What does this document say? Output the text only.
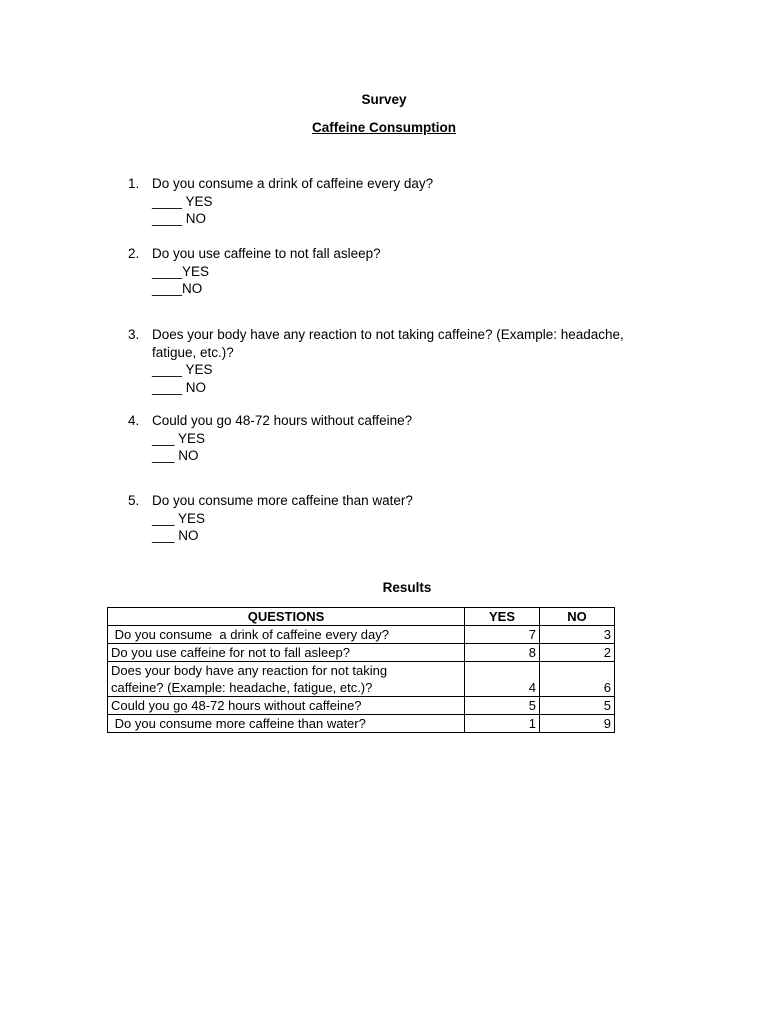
Survey
Caffeine Consumption
1. Do you consume a drink of caffeine every day?
____ YES
____ NO
2. Do you use caffeine to not fall asleep?
____YES
____NO
3. Does your body have any reaction to not taking caffeine? (Example: headache,
fatigue, etc.)?
____ YES
____ NO
4. Could you go 48-72 hours without caffeine?
___ YES
___ NO
5. Do you consume more caffeine than water?
___ YES
___ NO
Results
QUESTIONS	YES	NO
Do you consume  a drink of caffeine every day?	7	3
Do you use caffeine for not to fall asleep?	8	2

Does your body have any reaction for not taking
caffeine? (Example: headache, fatigue, etc.)?	4	6
Could you go 48-72 hours without caffeine?	5	5
Do you consume more caffeine than water?	1	9
